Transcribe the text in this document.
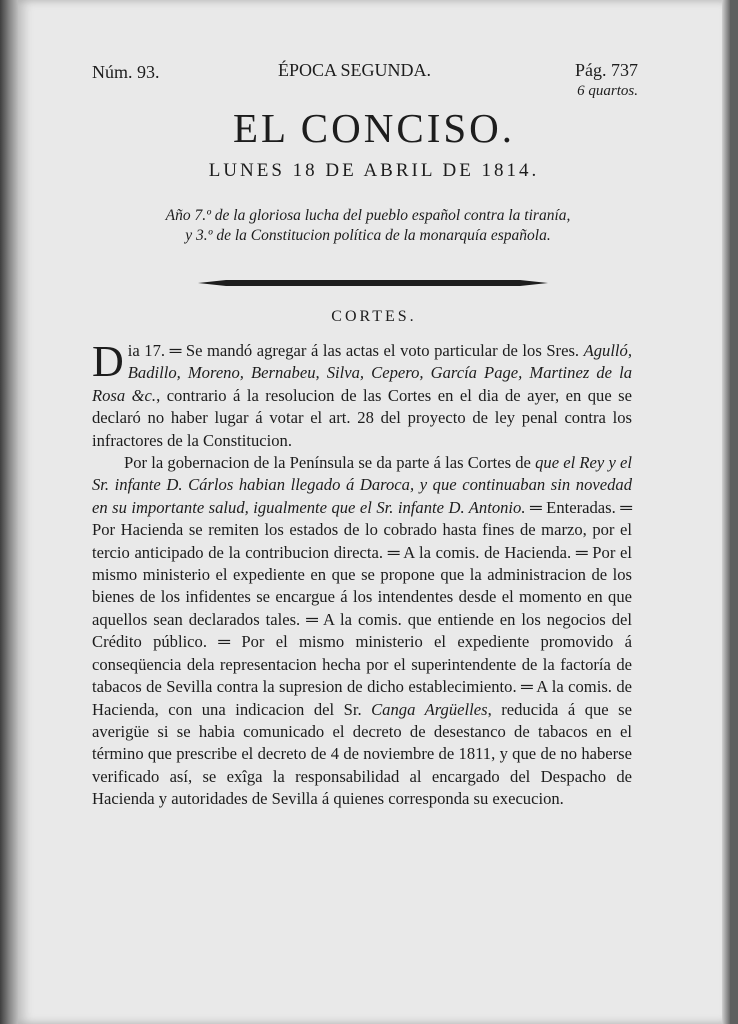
Núm. 93.	ÉPOCA SEGUNDA.	Pág. 737
6 quartos.
EL CONCISO.
LUNES 18 DE ABRIL DE 1814.
Año 7.º de la gloriosa lucha del pueblo español contra la tiranía,
y 3.º de la Constitucion política de la monarquía española.
CORTES.

Dia 17. ═ Se mandó agregar á las actas el voto particular de los Sres. Agulló, Badillo, Moreno, Bernabeu, Silva, Cepero, García Page, Martinez de la Rosa &c., contrario á la resolucion de las Cortes en el dia de ayer, en que se declaró no haber lugar á votar el art. 28 del proyecto de ley penal contra los infractores de la Constitucion.

Por la gobernacion de la Península se da parte á las Cortes de que el Rey y el Sr. infante D. Cárlos habian llegado á Daroca, y que continuaban sin novedad en su importante salud, igualmente que el Sr. infante D. Antonio. ═ Enteradas. ═ Por Hacienda se remiten los estados de lo cobrado hasta fines de marzo, por el tercio anticipado de la contribucion directa. ═ A la comis. de Hacienda. ═ Por el mismo ministerio el expediente en que se propone que la administracion de los bienes de los infidentes se encargue á los intendentes desde el momento en que aquellos sean declarados tales. ═ A la comis. que entiende en los negocios del Crédito público. ═ Por el mismo ministerio el expediente promovido á conseqüencia dela representacion hecha por el superintendente de la factoría de tabacos de Sevilla contra la supresion de dicho establecimiento. ═ A la comis. de Hacienda, con una indicacion del Sr. Canga Argüelles, reducida á que se averigüe si se habia comunicado el decreto de desestanco de tabacos en el término que prescribe el decreto de 4 de noviembre de 1811, y que de no haberse verificado así, se exîga la responsabilidad al encargado del Despacho de Hacienda y autoridades de Sevilla á quienes corresponda su execucion.
